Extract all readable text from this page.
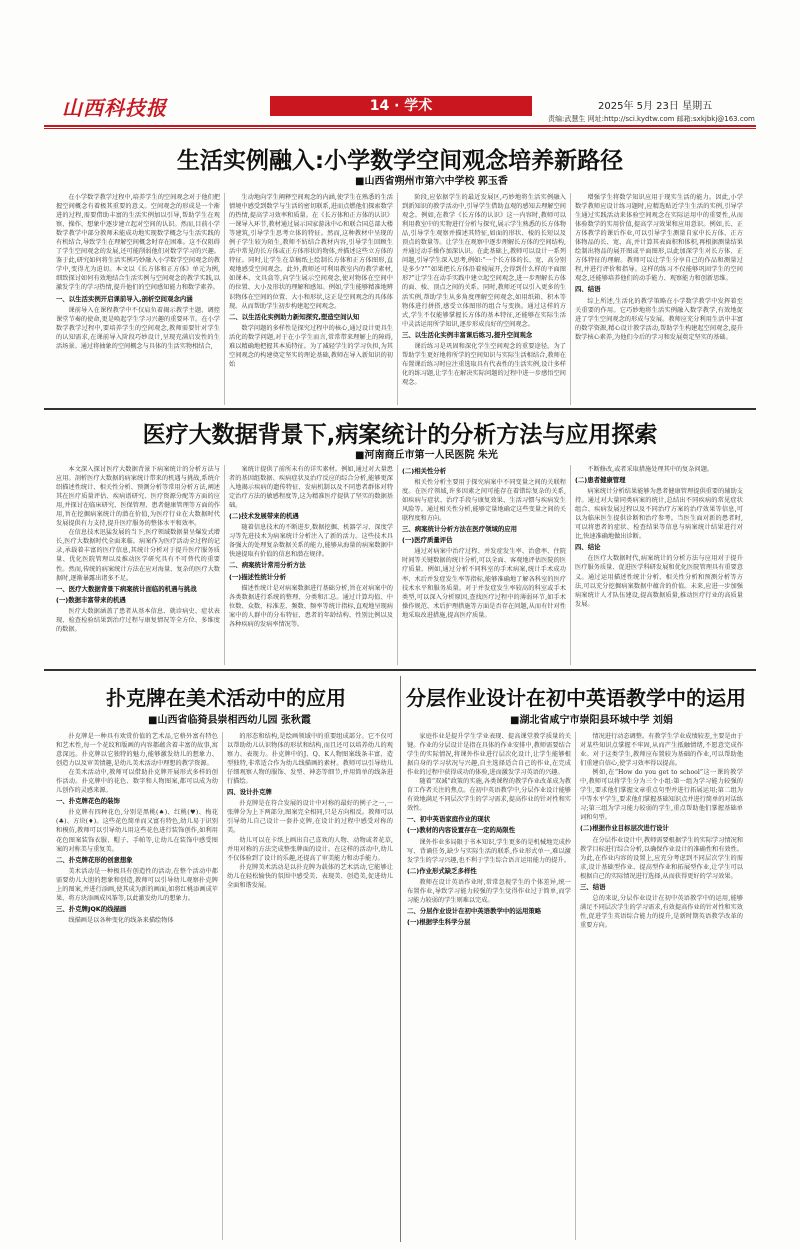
山西科技报	14 · 学术	2025年 5月 23日 星期五
责编:武慧生 网址:http://sci.kydtw.com 邮箱:sxkjbkj@163.com
生活实例融入:小学数学空间观念培养新路径
■山西省朔州市第六中学校 郭玉香

在小学数学教学过程中,培养学生的空间观念对于他们把握空间概念有着极其重要的意义。空间观念的形成是一个渐进的过程,需要借助丰富的生活实例加以引导,帮助学生在观察、操作、想象中逐步建立起对空间的认识。然而,目前小学数学教学中部分教师未能成功地实现数学概念与生活实践的有机结合,导致学生在理解空间概念时存在困难。这不仅阻碍了学生空间观念的发展,还可能削弱他们对数学学习的兴趣。鉴于此,研究如何将生活实例巧妙融入小学数学空间观念的教学中,变得尤为迫切。本文以《长方体和正方体》单元为例,细致探讨如何有效地结合生活实例与空间观念的教学实践,以激发学生的学习热情,提升他们的空间感知能力和数学素养。

一、以生活实例开启课前导入,剖析空间观念内涵

课前导入在课程教学中不仅肩负着揭示教学主题、调控课堂节奏的使命,更是唤起学生学习兴趣的重要环节。在小学数学教学过程中,要培养学生的空间观念,教师需要针对学生的认知需求,在课前导入阶段巧妙设计,呈现充满启发性的生活场景。通过将抽象的空间概念与具体的生活实物相结合,

生动地向学生阐释空间观念的内涵,使学生在熟悉的生活情境中感受到数学与生活的密切联系,进而点燃他们探索数学的热情,提高学习效率和质量。在《长方体和正方体的认识》一课导入环节,教材通过展示国家游泳中心和联合国总部大楼等建筑,引导学生思考立体的特征。然而,这种教材中呈现的例子学生较为陌生,教师不妨结合教材内容,引导学生回顾生活中常见的长方体或正方体形状的物体,并描述这些立方体的特征。同时,让学生在草稿纸上绘制长方体和正方体图形,直观地感受空间观念。此外,教师还可利用教室内的教学素材,如课本、文具盒等,向学生展示空间观念,使对物体在空间中的位置、大小及形状的理解和感知。例如,学生能够精准地辨识物体在空间的位置、大小和形状,这正是空间观念的具体体现。从而帮助学生初步构建起空间观念。

二、以生活化实例助力新知探究,塑造空间认知

数学问题的多样性是探究过程中的核心,通过设计更具生活化的数学问题,对于在小学生而言,常常带来理解上的障碍,难以精确地把握其本质特征。为了减轻学生的学习负担,为其空间观念的构建奠定坚实的理论基础,教师在导入新知识的初始

阶段,应依据学生的最近发展区,巧妙地将生活实例融入到新知识的教学活动中,引导学生借助直观的感知去理解空间观念。例如,在教学《长方体的认识》这一内容时,教师可以利用教室中的实物进行分析与探究,展示学生熟悉的长方体物品,引导学生观察并描述其特征,如面的形状、棱的长短以及顶点的数量等。让学生在观察中逐步理解长方体的空间结构,并通过动手操作加深认识。在此基础上,教师可以设计一系列问题,引导学生深入思考,例如:“一个长方体的长、宽、高分别是多少?”“如果把长方体沿着棱展开,会得到什么样的平面图形?”让学生在动手实践中建立起空间观念,进一步理解长方体的面、棱、顶点之间的关系。同时,教师还可以引入更多的生活实例,帮助学生从多角度理解空间观念,如用纸箱、积木等物体进行拼搭,感受立体图形的组合与变换。通过这样的方式,学生不仅能够掌握长方体的基本特征,还能够在实际生活中灵活运用所学知识,逐步形成良好的空间观念。

三、以生活化实例丰富课后练习,提升空间观念

课后练习是巩固和深化学生空间观念的重要途径。为了帮助学生更好地将所学的空间知识与实际生活相结合,教师在布置课后练习时应注重选取具有代表性的生活实例,设计多样化的练习题,让学生在解决实际问题的过程中进一步感悟空间观念。

增强学生将数学知识应用于现实生活的能力。因此,小学数学教师应设计练习题时,应精选贴近学生生活的实例,引导学生通过实践活动来体验空间观念在实际运用中的重要性,从而体验数学的实用价值,提高学习效果和应用意识。例如,长、正方体教学的课后作业,可以引导学生测量自家中长方体、正方体物品的长、宽、高,并计算其表面积和体积,再根据测量结果绘制出物品的展开图或平面图形,以此加深学生对长方体、正方体特征的理解。教师可以让学生分享自己的作品和测量过程,并进行评价和指导。这样的练习不仅能够巩固学生的空间观念,还能够培养他们的动手能力、观察能力和创新思维。

四、结语

综上所述,生活化的教学策略在小学数学教学中发挥着至关重要的作用。它巧妙地将生活实例融入数学教学,有效地促进了学生空间观念的形成与发展。教师应充分利用生活中丰富的数学资源,精心设计教学活动,帮助学生构建起空间观念,提升数学核心素养,为他们今后的学习和发展奠定坚实的基础。

医疗大数据背景下,病案统计的分析方法与应用探索
■河南商丘市第一人民医院 朱光

本文深入探讨医疗大数据背景下病案统计的分析方法与应用。剖析医疗大数据的病案统计带来的机遇与挑战,系统介绍描述性统计、相关性分析、预测分析等常用分析方法,阐述其在医疗质量评估、疾病谱研究、医疗资源分配等方面的应用,并探讨在临床研究、医保管理、患者健康管理等方面的作用,旨在挖掘病案统计的潜在价值,为医疗行业在大数据时代发展提供有力支持,提升医疗服务的整体水平和效率。

在信息技术迅猛发展的当下,医疗领域数据量呈爆发式增长,医疗大数据时代全面来临。病案作为医疗活动全过程的记录,承载着丰富的医疗信息,其统计分析对于提升医疗服务质量、优化医院管理以及推动医学研究具有不可替代的重要性。然而,传统的病案统计方法在应对海量、复杂的医疗大数据时,逐渐暴露出诸多不足。

一、医疗大数据背景下病案统计面临的机遇与挑战

(一)数据丰富带来的机遇

医疗大数据涵盖了患者从基本信息、就诊病史、症状表现、检查检验结果到治疗过程与康复情况等全方位、多维度的数据。

案统计提供了前所未有的详实素材。例如,通过对大量患者的基因组数据、疾病症状及治疗反应的综合分析,能够更深入地揭示疾病的遗传特征、发病机制以及不同患者群体对特定治疗方法的敏感程度等,这为精准医疗提供了坚实的数据基础。

(二)技术发展带来的机遇

随着信息技术的不断进步,数据挖掘、机器学习、深度学习等先进技术为病案统计分析注入了新的活力。这些技术具备强大的处理复杂数据关系的能力,能够从海量的病案数据中快速提取有价值的信息和潜在规律。

二、病案统计常用分析方法

(一)描述性统计分析

描述性统计是对病案数据进行基础分析,旨在对病案中的各类数据进行系统的整理、分类和汇总。通过计算均值、中位数、众数、标准差、频数、频率等统计指标,直观地呈现病案中的人群中的分布特征、患者的年龄结构、性别比例以及各种疾病的发病率情况等。

(二)相关性分析

相关性分析主要用于探究病案中不同变量之间的关联程度。在医疗领域,许多因素之间可能存在着错综复杂的关系,如疾病与症状、治疗手段与康复效果、生活习惯与疾病发生风险等。通过相关性分析,能够定量地确定这些变量之间的关联程度和方向。

三、病案统计分析方法在医疗领域的应用

(一)医疗质量评估

通过对病案中治疗过程、并发症发生率、治愈率、住院时间等关键数据的统计分析,可以全面、客观地评估医院的医疗质量。例如,通过分析不同科室的手术病案,统计手术成功率、术后并发症发生率等指标,能够准确地了解各科室的医疗技术水平和服务质量。对于并发症发生率较高的科室或手术类型,可以深入分析原因,查找医疗过程中的薄弱环节,如手术操作规范、术后护理措施等方面是否存在问题,从而有针对性地采取改进措施,提高医疗质量。

不断修改,或者采取措施处理其中的复杂问题。

(二)患者健康管理

病案统计分析结果能够为患者健康管理提供重要的辅助支持。通过对大量同类病案的统计,总结出不同疾病的常见症状组合、疾病发展过程以及不同治疗方案的治疗效果等信息,可以为临床医生提供诊断和治疗参考。当医生面对新的患者时,可以将患者的症状、检查结果等信息与病案统计结果进行对比,快速准确地做出诊断。

四、结论

在医疗大数据时代,病案统计的分析方法与应用对于提升医疗服务质量、促进医学科研发展和优化医院管理具有重要意义。通过运用描述性统计分析、相关性分析和预测分析等方法,可以充分挖掘病案数据中蕴含的价值。未来,应进一步加强病案统计人才队伍建设,提高数据质量,推动医疗行业的高质量发展。

扑克牌在美术活动中的应用
■山西省临猗县崇相西幼儿园 张秋霞

扑克牌是一种具有欢赏价值的艺术品,它格外富有特色和艺术性,每一个花纹和版画的内容都蕴含着丰富的故事,寓意深远。扑克牌以它独特的魅力,能够激发幼儿的想象力、创造力以及审美情趣,是幼儿美术活动中理想的教学资源。

在美术活动中,教师可以借助扑克牌开展形式多样的创作活动。扑克牌中的花色、数字和人物图案,都可以成为幼儿创作的灵感来源。

一、扑克牌花色的装饰

扑克牌有四种花色,分别是黑桃(♠)、红桃(♥)、梅花(♣)、方块(♦)。这些花色简单而又富有特色,幼儿易于识别和模仿,教师可以引导幼儿用这些花色进行装饰创作,如利用花色图案装饰衣服、帽子、手帕等,让幼儿在装饰中感受图案的对称美与重复美。

二、扑克牌花形的创意想象

美术活动是一种极具有创造性的活动,在整个活动中都需要幼儿大胆的想象和创造,教师可以引导幼儿观察扑克牌上的图案,并进行添画,使其成为新的画面,如将红桃添画成苹果、将方块添画成风筝等,以此激发幼儿的想象力。

三、扑克牌JQK的线描画

线描画是以各种变化的线条来描绘物体

的形态和结构,是绘画领域中的重要组成部分。它不仅可以帮助幼儿认识物体的形状和结构,而且还可以培养幼儿的观察力、表现力。扑克牌中的J、Q、K人物图案线条丰富、造型独特,非常适合作为幼儿线描画的素材。教师可以引导幼儿仔细观察人物的服饰、发型、神态等细节,并用简单的线条进行描绘。

四、设计扑克牌

扑克牌是在符合发展的设计中对称的最好的例子之一,一张牌分为上下两部分,图案完全相同,只是方向相反。教师可以引导幼儿自己设计一套扑克牌,在设计的过程中感受对称的美。

幼儿可以在卡纸上画出自己喜欢的人物、动物或者花草,并用对称的方法完成整张牌面的设计。在这样的活动中,幼儿不仅体验到了设计的乐趣,还提高了审美能力和动手能力。

扑克牌美术活动是以扑克牌为载体的艺术活动,它能够让幼儿在轻松愉快的氛围中感受美、表现美、创造美,促进幼儿全面和谐发展。

分层作业设计在初中英语教学中的运用
■湖北省咸宁市崇阳县环城中学 刘娟

家庭作业是提升学生学业表现、提高课堂教学质量的关键。作业的分层设计是指在具体的作业安排中,教师需要结合学生的实际情况,将课外作业进行层次化设计,让学生能够根据自身的学习状况与兴趣,自主选择适合自己的作业,在完成作业的过程中获得成功的体验,进而激发学习英语的兴趣。

随着“双减”政策的实施,各类课程的教学作业改革成为教育工作者关注的焦点。在初中英语教学中,分层作业设计能够有效地满足不同层次学生的学习需求,提高作业的针对性和实效性。

一、初中英语家庭作业的现状

(一)教材的内容设置存在一定的局限性

课外作业多局限于书本知识,学生更多的是机械地完成抄写、背诵任务,缺少与实际生活的联系,作业形式单一,难以激发学生的学习兴趣,也不利于学生综合语言运用能力的提升。

(二)作业形式缺乏多样性

教师在设计英语作业时,常常忽视学生的个体差异,统一布置作业,导致学习能力较强的学生觉得作业过于简单,而学习能力较弱的学生则难以完成。

二、分层作业设计在初中英语教学中的运用策略

(一)根据学生科学分层

情况进行动态调整。有教学生学业成绩较差,主要是由于对某些知识点掌握不牢固,从而产生抵触情绪,不愿意完成作业。对于这类学生,教师应布置较为基础的作业,可以帮助他们重建自信心,使学习效率得以提高。

例如,在“How do you get to school”这一课的教学中,教师可以将学生分为三个小组:第一组为学习能力较强的学生,要求他们掌握文章重点句型并进行拓展运用;第二组为中等水平学生,要求他们掌握基础知识点并进行简单的对话练习;第三组为学习能力较弱的学生,重点帮助他们掌握基础单词和句型。

(二)根据作业目标层次进行设计

在分层作业设计中,教师需要根据学生的实际学习情况和教学目标进行综合分析,以确保作业设计的准确性和有效性。为此,在作业内容的设置上,应充分考虑到不同层次学生的需求,设计基础型作业、提高型作业和拓展型作业,让学生可以根据自己的实际情况进行选择,从而获得更好的学习效果。

三、结语

总的来说,分层作业设计在初中英语教学中的运用,能够满足不同层次学生的学习需求,有效提高作业的针对性和实效性,促进学生英语综合能力的提升,是新时期英语教学改革的重要方向。
